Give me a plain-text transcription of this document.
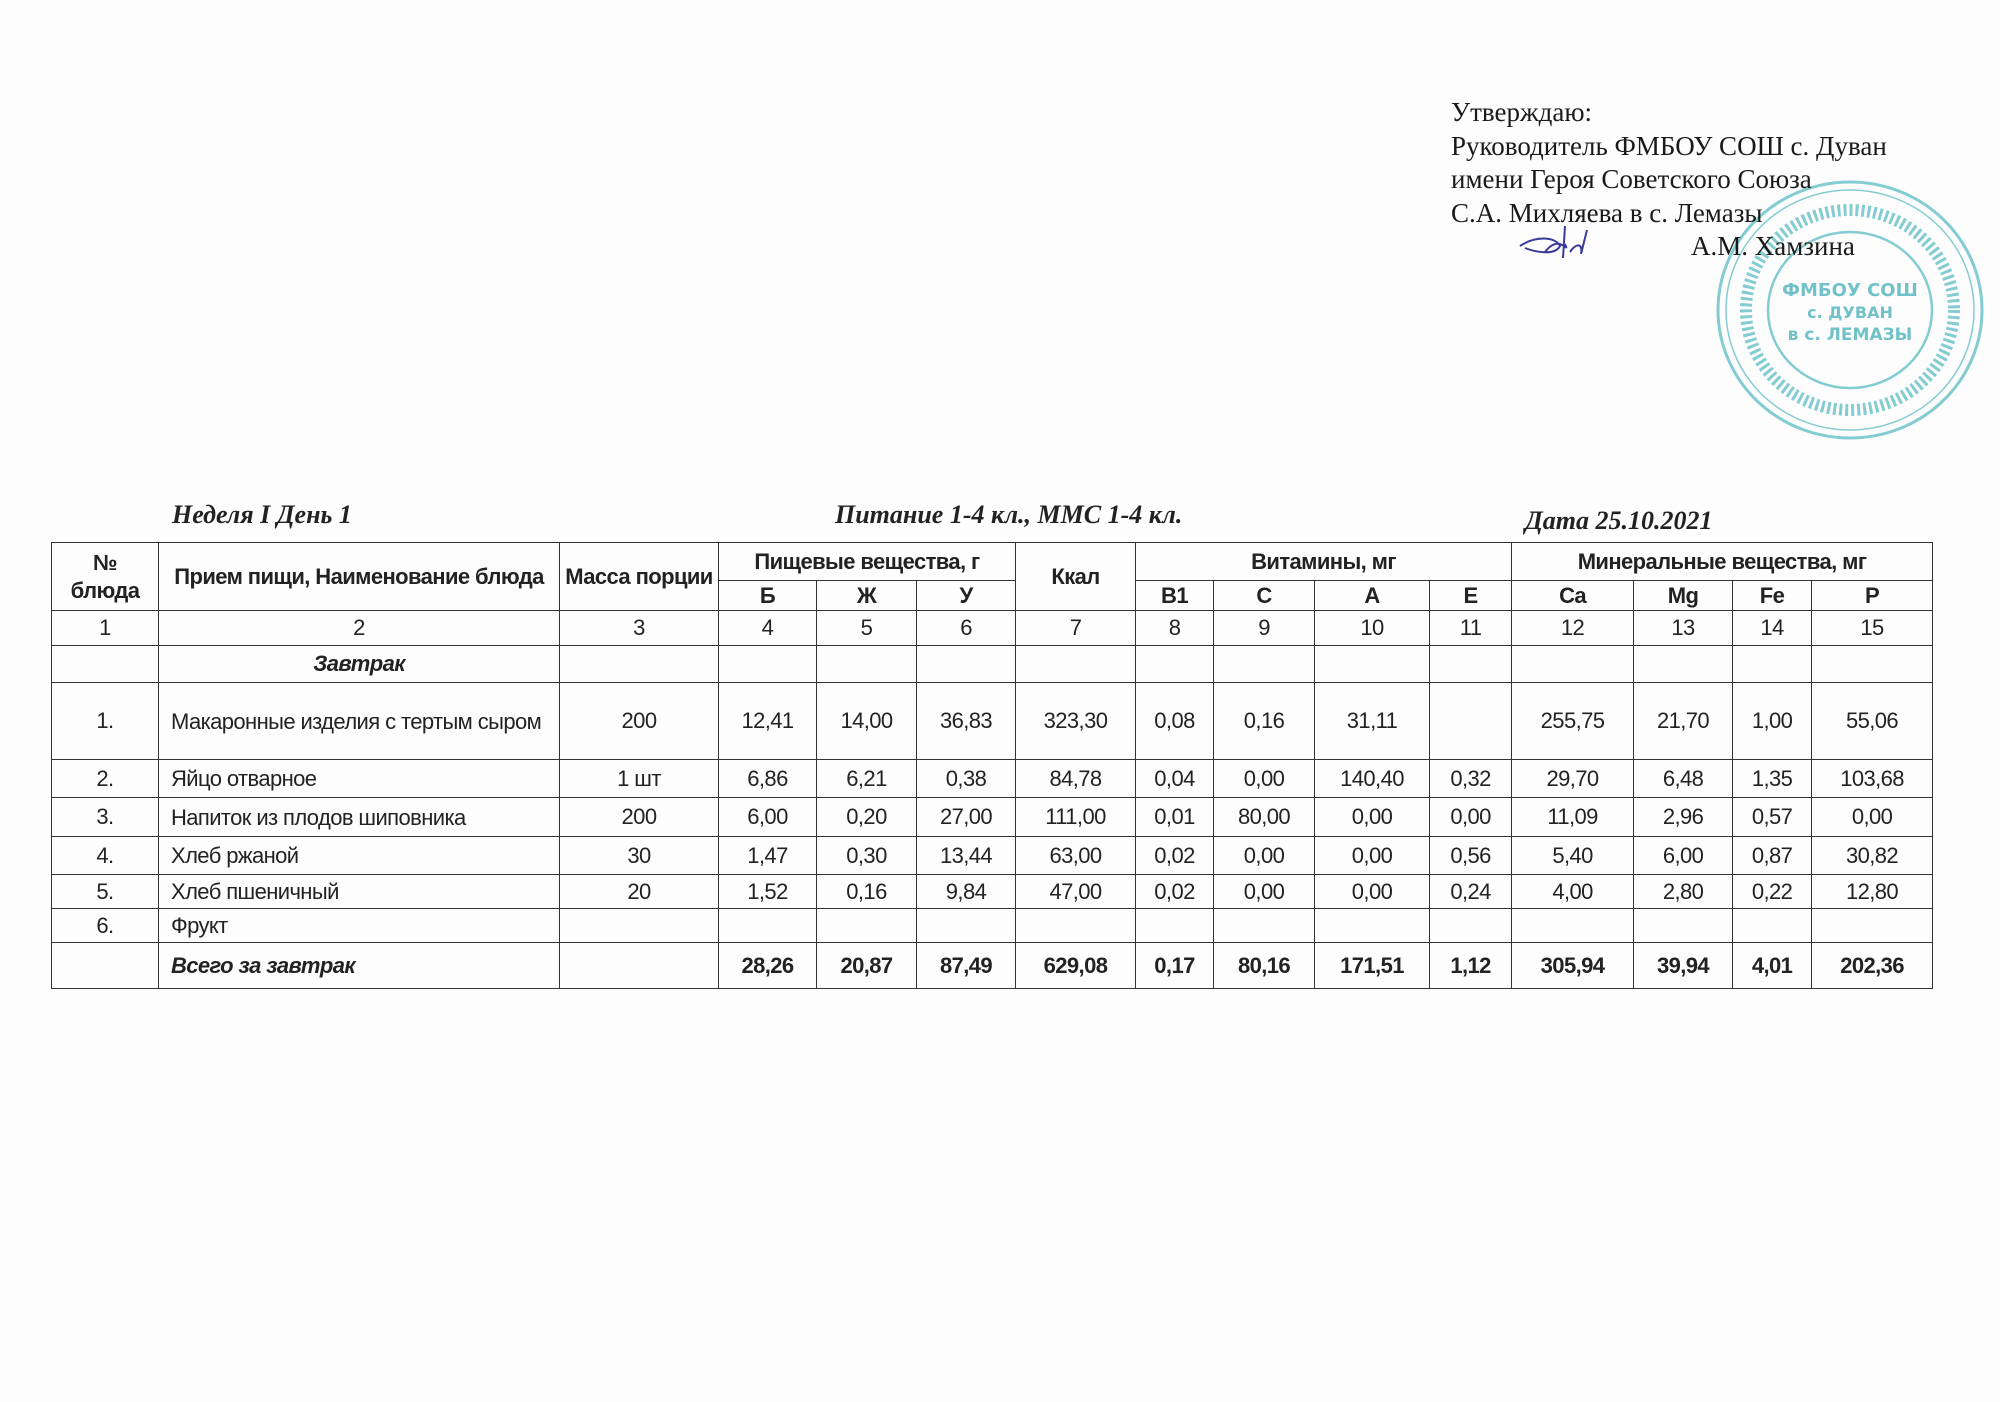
Утверждаю:
Руководитель ФМБОУ СОШ с. Дуван
имени Героя Советского Союза
С.А. Михляева в с. Лемазы
А.М. Хамзина
ФМБОУ СОШ
с. ДУВАН
в с. ЛЕМАЗЫ
Неделя I День 1	Питание 1-4 кл., ММС 1-4 кл.	Дата 25.10.2021
№ блюда	Прием пищи, Наименование блюда	Масса порции	Пищевые вещества, г			Ккал	Витамины, мг				Минеральные вещества, мг			
			Б	Ж	У		B1	C	A	E	Ca	Mg	Fe	P
1	2	3	4	5	6	7	8	9	10	11	12	13	14	15
	Завтрак													
1.	Макаронные изделия с тертым сыром	200	12,41	14,00	36,83	323,30	0,08	0,16	31,11		255,75	21,70	1,00	55,06
2.	Яйцо отварное	1 шт	6,86	6,21	0,38	84,78	0,04	0,00	140,40	0,32	29,70	6,48	1,35	103,68
3.	Напиток из плодов шиповника	200	6,00	0,20	27,00	111,00	0,01	80,00	0,00	0,00	11,09	2,96	0,57	0,00
4.	Хлеб ржаной	30	1,47	0,30	13,44	63,00	0,02	0,00	0,00	0,56	5,40	6,00	0,87	30,82
5.	Хлеб пшеничный	20	1,52	0,16	9,84	47,00	0,02	0,00	0,00	0,24	4,00	2,80	0,22	12,80
6.	Фрукт													
	Всего за завтрак		28,26	20,87	87,49	629,08	0,17	80,16	171,51	1,12	305,94	39,94	4,01	202,36
